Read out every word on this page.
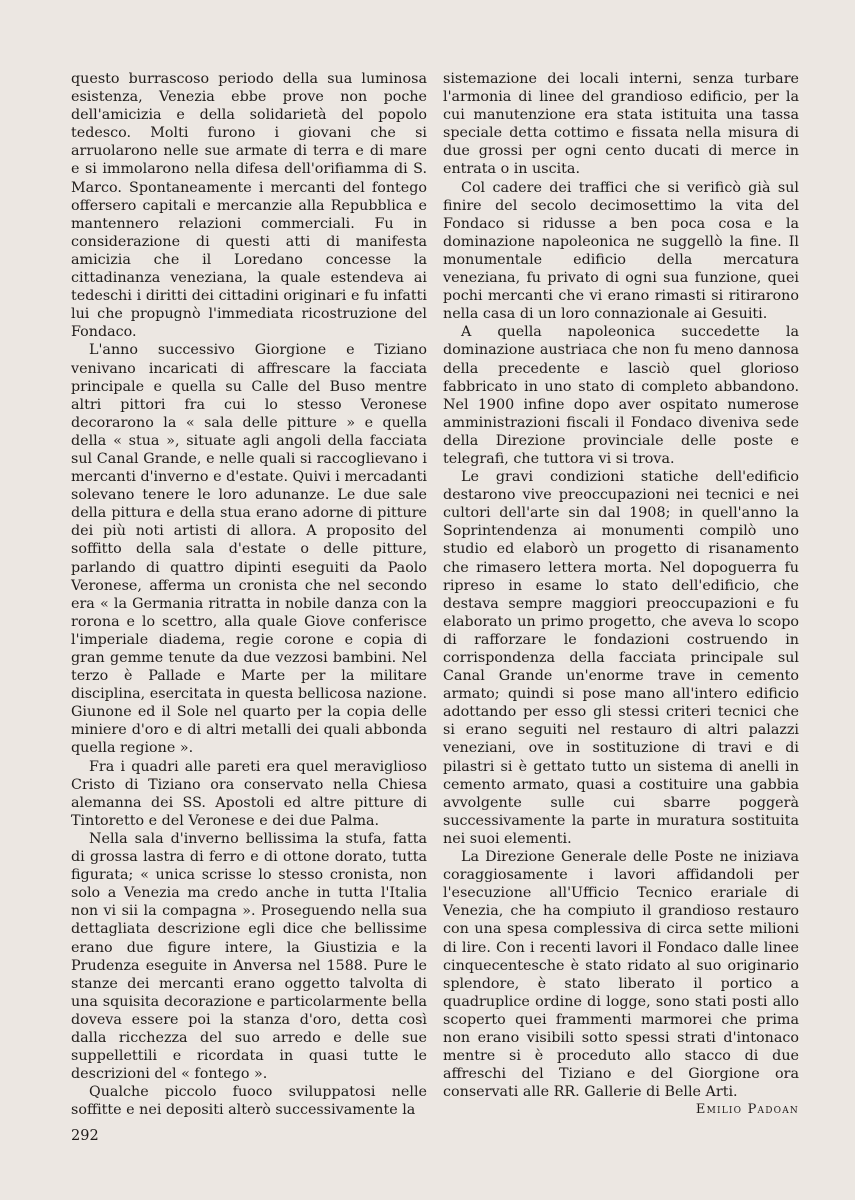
questo burrascoso periodo della sua luminosa esistenza, Venezia ebbe prove non poche dell'amicizia e della solidarietà del popolo tedesco. Molti furono i giovani che si arruolarono nelle sue armate di terra e di mare e si immolarono nella difesa dell'orifiamma di S. Marco. Spontaneamente i mercanti del fontego offersero capitali e mercanzie alla Repubblica e mantennero relazioni commerciali. Fu in considerazione di questi atti di manifesta amicizia che il Loredano concesse la cittadinanza veneziana, la quale estendeva ai tedeschi i diritti dei cittadini originari e fu infatti lui che propugnò l'immediata ricostruzione del Fondaco.

L'anno successivo Giorgione e Tiziano venivano incaricati di affrescare la facciata principale e quella su Calle del Buso mentre altri pittori fra cui lo stesso Veronese decorarono la « sala delle pitture » e quella della « stua », situate agli angoli della facciata sul Canal Grande, e nelle quali si raccoglievano i mercanti d'inverno e d'estate. Quivi i mercadanti solevano tenere le loro adunanze. Le due sale della pittura e della stua erano adorne di pitture dei più noti artisti di allora. A proposito del soffitto della sala d'estate o delle pitture, parlando di quattro dipinti eseguiti da Paolo Veronese, afferma un cronista che nel secondo era « la Germania ritratta in nobile danza con la rorona e lo scettro, alla quale Giove conferisce l'imperiale diadema, regie corone e copia di gran gemme tenute da due vezzosi bambini. Nel terzo è Pallade e Marte per la militare disciplina, esercitata in questa bellicosa nazione. Giunone ed il Sole nel quarto per la copia delle miniere d'oro e di altri metalli dei quali abbonda quella regione ».

Fra i quadri alle pareti era quel meraviglioso Cristo di Tiziano ora conservato nella Chiesa alemanna dei SS. Apostoli ed altre pitture di Tintoretto e del Veronese e dei due Palma.

Nella sala d'inverno bellissima la stufa, fatta di grossa lastra di ferro e di ottone dorato, tutta figurata; « unica scrisse lo stesso cronista, non solo a Venezia ma credo anche in tutta l'Italia non vi sii la compagna ». Proseguendo nella sua dettagliata descrizione egli dice che bellissime erano due figure intere, la Giustizia e la Prudenza eseguite in Anversa nel 1588. Pure le stanze dei mercanti erano oggetto talvolta di una squisita decorazione e particolarmente bella doveva essere poi la stanza d'oro, detta così dalla ricchezza del suo arredo e delle sue suppellettili e ricordata in quasi tutte le descrizioni del « fontego ».

Qualche piccolo fuoco sviluppatosi nelle soffitte e nei depositi alterò successivamente la

sistemazione dei locali interni, senza turbare l'armonia di linee del grandioso edificio, per la cui manutenzione era stata istituita una tassa speciale detta cottimo e fissata nella misura di due grossi per ogni cento ducati di merce in entrata o in uscita.

Col cadere dei traffici che si verificò già sul finire del secolo decimosettimo la vita del Fondaco si ridusse a ben poca cosa e la dominazione napoleonica ne suggellò la fine. Il monumentale edificio della mercatura veneziana, fu privato di ogni sua funzione, quei pochi mercanti che vi erano rimasti si ritirarono nella casa di un loro connazionale ai Gesuiti.

A quella napoleonica succedette la dominazione austriaca che non fu meno dannosa della precedente e lasciò quel glorioso fabbricato in uno stato di completo abbandono. Nel 1900 infine dopo aver ospitato numerose amministrazioni fiscali il Fondaco diveniva sede della Direzione provinciale delle poste e telegrafi, che tuttora vi si trova.

Le gravi condizioni statiche dell'edificio destarono vive preoccupazioni nei tecnici e nei cultori dell'arte sin dal 1908; in quell'anno la Soprintendenza ai monumenti compilò uno studio ed elaborò un progetto di risanamento che rimasero lettera morta. Nel dopoguerra fu ripreso in esame lo stato dell'edificio, che destava sempre maggiori preoccupazioni e fu elaborato un primo progetto, che aveva lo scopo di rafforzare le fondazioni costruendo in corrispondenza della facciata principale sul Canal Grande un'enorme trave in cemento armato; quindi si pose mano all'intero edificio adottando per esso gli stessi criteri tecnici che si erano seguiti nel restauro di altri palazzi veneziani, ove in sostituzione di travi e di pilastri si è gettato tutto un sistema di anelli in cemento armato, quasi a costituire una gabbia avvolgente sulle cui sbarre poggerà successivamente la parte in muratura sostituita nei suoi elementi.

La Direzione Generale delle Poste ne iniziava coraggiosamente i lavori affidandoli per l'esecuzione all'Ufficio Tecnico erariale di Venezia, che ha compiuto il grandioso restauro con una spesa complessiva di circa sette milioni di lire. Con i recenti lavori il Fondaco dalle linee cinquecentesche è stato ridato al suo originario splendore, è stato liberato il portico a quadruplice ordine di logge, sono stati posti allo scoperto quei frammenti marmorei che prima non erano visibili sotto spessi strati d'intonaco mentre si è proceduto allo stacco di due affreschi del Tiziano e del Giorgione ora conservati alle RR. Gallerie di Belle Arti.

Emilio Padoan

292
